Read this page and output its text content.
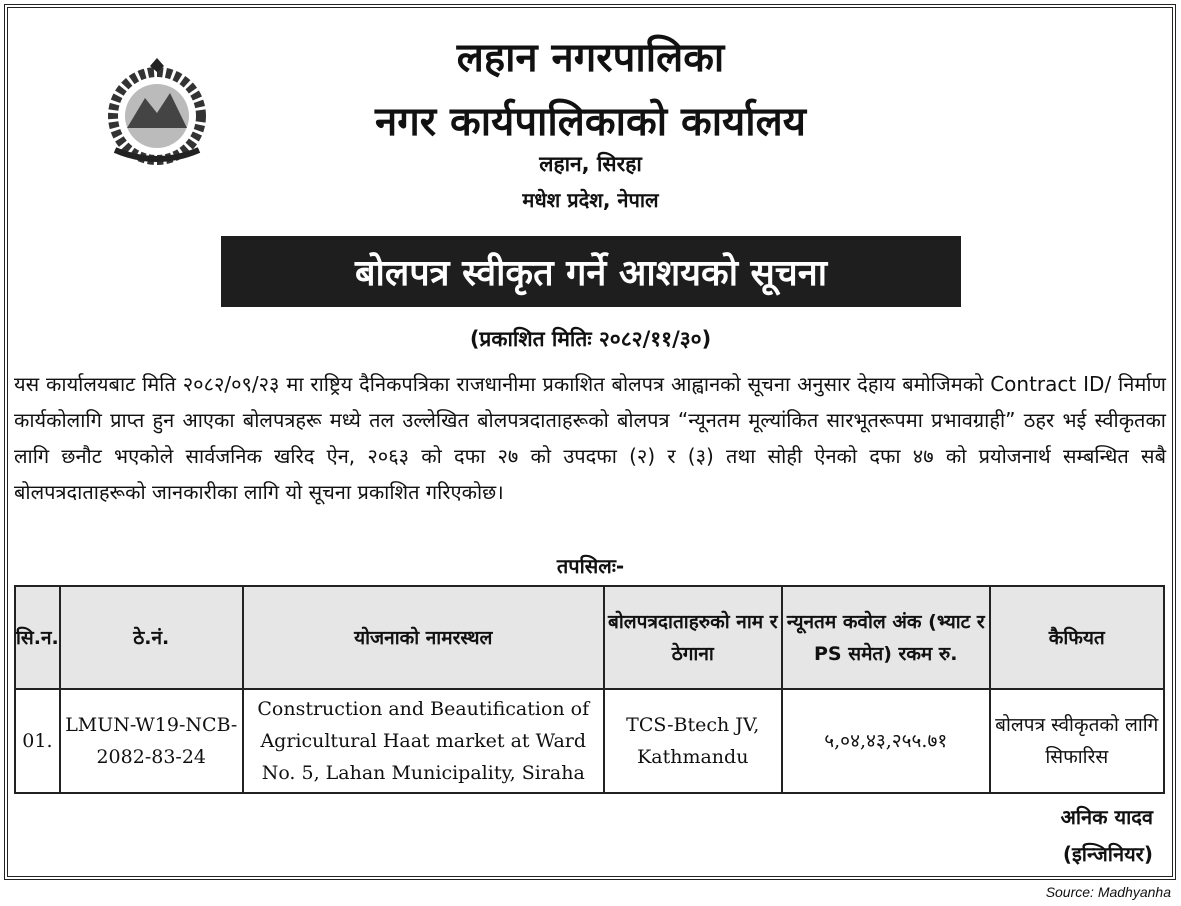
लहान नगरपालिका
नगर कार्यपालिकाको कार्यालय
लहान, सिरहा
मधेश प्रदेश, नेपाल
बोलपत्र स्वीकृत गर्ने आशयको सूचना
(प्रकाशित मितिः २०८२/११/३०)
यस कार्यालयबाट मिति २०८२/०९/२३ मा राष्ट्रिय दैनिकपत्रिका राजधानीमा प्रकाशित बोलपत्र आह्वानको सूचना अनुसार देहाय बमोजिमको Contract ID/ निर्माण कार्यकोलागि प्राप्त हुन आएका बोलपत्रहरू मध्ये तल उल्लेखित बोलपत्रदाताहरूको बोलपत्र “न्यूनतम मूल्यांकित सारभूतरूपमा प्रभावग्राही” ठहर भई स्वीकृतका लागि छनौट भएकोले सार्वजनिक खरिद ऐन, २०६३ को दफा २७ को उपदफा (२) र (३) तथा सोही ऐनको दफा ४७ को प्रयोजनार्थ सम्बन्धित सबै बोलपत्रदाताहरूको जानकारीका लागि यो सूचना प्रकाशित गरिएकोछ।
तपसिलः-
सि.न.	ठे.नं.	योजनाको नामरस्थल	बोलपत्रदाताहरुको नाम र ठेगाना	न्यूनतम कवोल अंक (भ्याट र PS समेत) रकम रु.	कैफियत
01.	LMUN-W19-NCB-2082-83-24	Construction and Beautification of Agricultural Haat market at Ward No. 5, Lahan Municipality, Siraha	TCS-Btech JV, Kathmandu	५,०४,४३,२५५.७१	बोलपत्र स्वीकृतको लागि सिफारिस
अनिक यादव
(इन्जिनियर)
Source: Madhyanha
